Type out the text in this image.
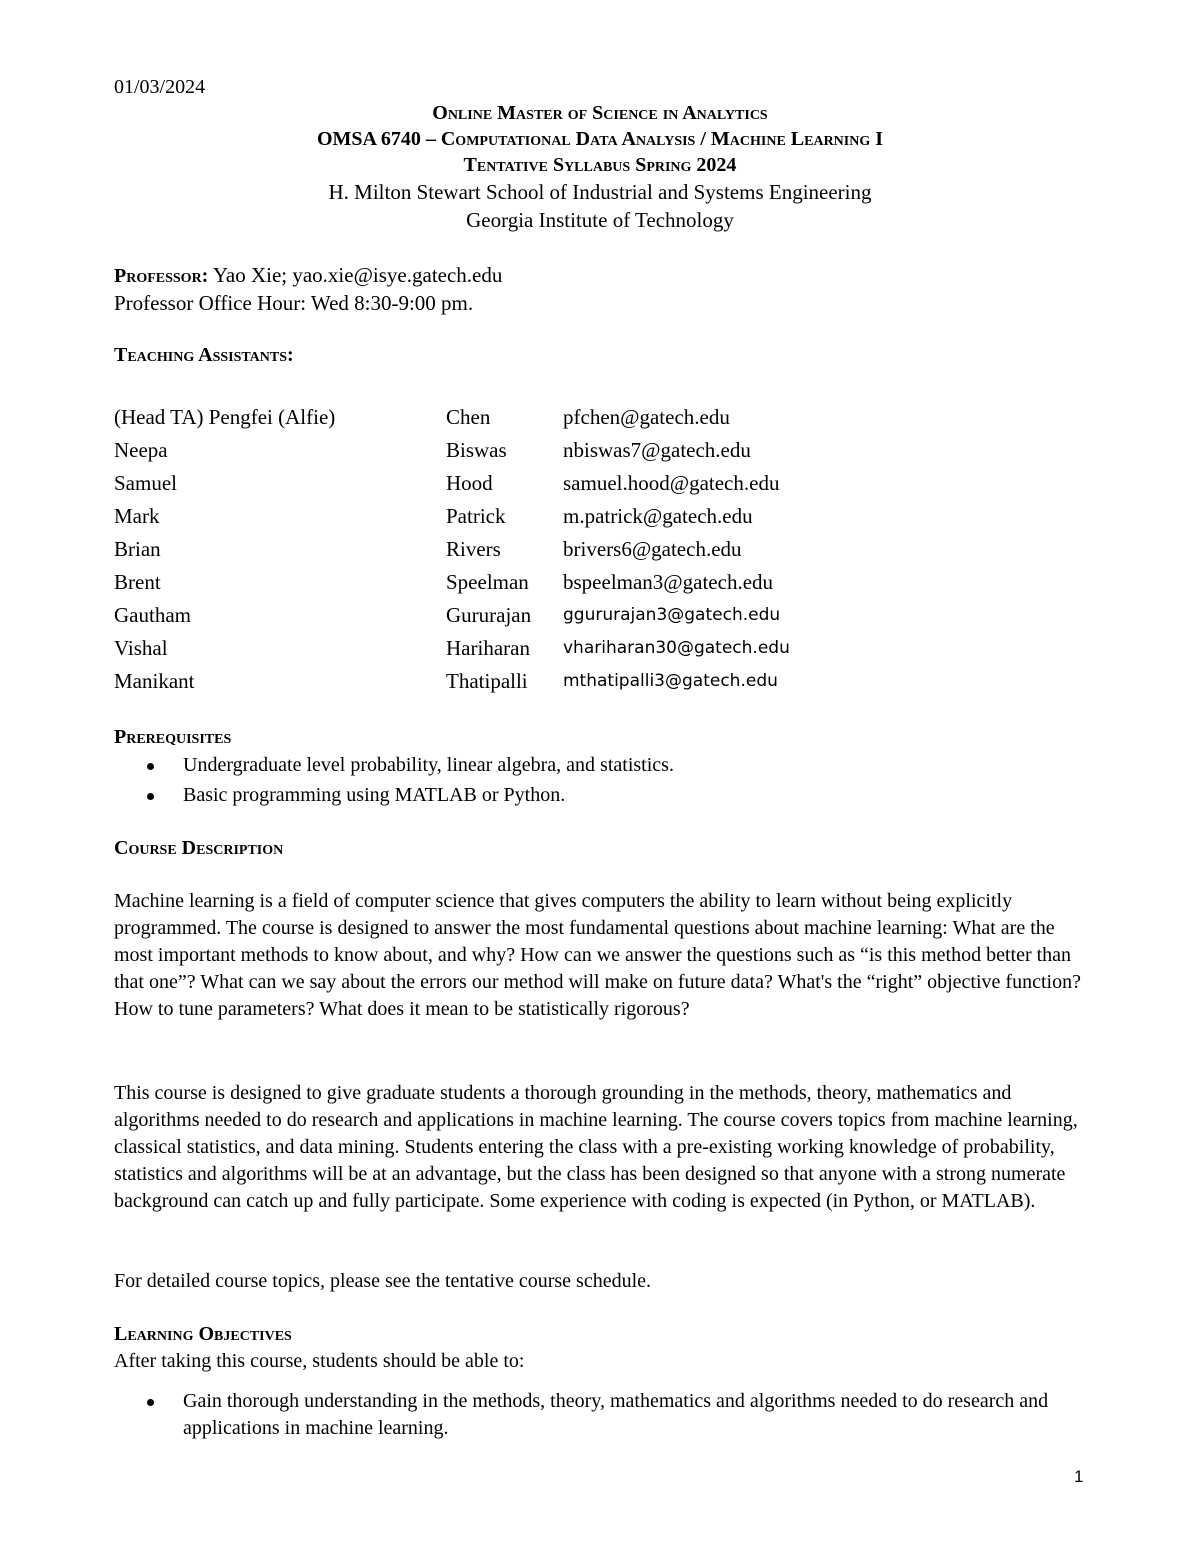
01/03/2024
Online Master of Science in Analytics
OMSA 6740 – Computational Data Analysis / Machine Learning I
Tentative Syllabus Spring 2024
H. Milton Stewart School of Industrial and Systems Engineering
Georgia Institute of Technology
Professor: Yao Xie; yao.xie@isye.gatech.edu
Professor Office Hour: Wed 8:30-9:00 pm.
Teaching Assistants:
(Head TA) Pengfei (Alfie)	Chen	pfchen@gatech.edu
Neepa	Biswas	nbiswas7@gatech.edu
Samuel	Hood	samuel.hood@gatech.edu
Mark	Patrick	m.patrick@gatech.edu
Brian	Rivers	brivers6@gatech.edu
Brent	Speelman	bspeelman3@gatech.edu
Gautham	Gururajan	ggururajan3@gatech.edu
Vishal	Hariharan	vhariharan30@gatech.edu
Manikant	Thatipalli	mthatipalli3@gatech.edu
Prerequisites
Undergraduate level probability, linear algebra, and statistics.
Basic programming using MATLAB or Python.
Course Description
Machine learning is a field of computer science that gives computers the ability to learn without being explicitly programmed. The course is designed to answer the most fundamental questions about machine learning: What are the most important methods to know about, and why? How can we answer the questions such as “is this method better than that one”? What can we say about the errors our method will make on future data? What's the “right” objective function? How to tune parameters? What does it mean to be statistically rigorous?
This course is designed to give graduate students a thorough grounding in the methods, theory, mathematics and algorithms needed to do research and applications in machine learning. The course covers topics from machine learning, classical statistics, and data mining. Students entering the class with a pre-existing working knowledge of probability, statistics and algorithms will be at an advantage, but the class has been designed so that anyone with a strong numerate background can catch up and fully participate. Some experience with coding is expected (in Python, or MATLAB).
For detailed course topics, please see the tentative course schedule.
Learning Objectives
After taking this course, students should be able to:
Gain thorough understanding in the methods, theory, mathematics and algorithms needed to do research and applications in machine learning.
1
